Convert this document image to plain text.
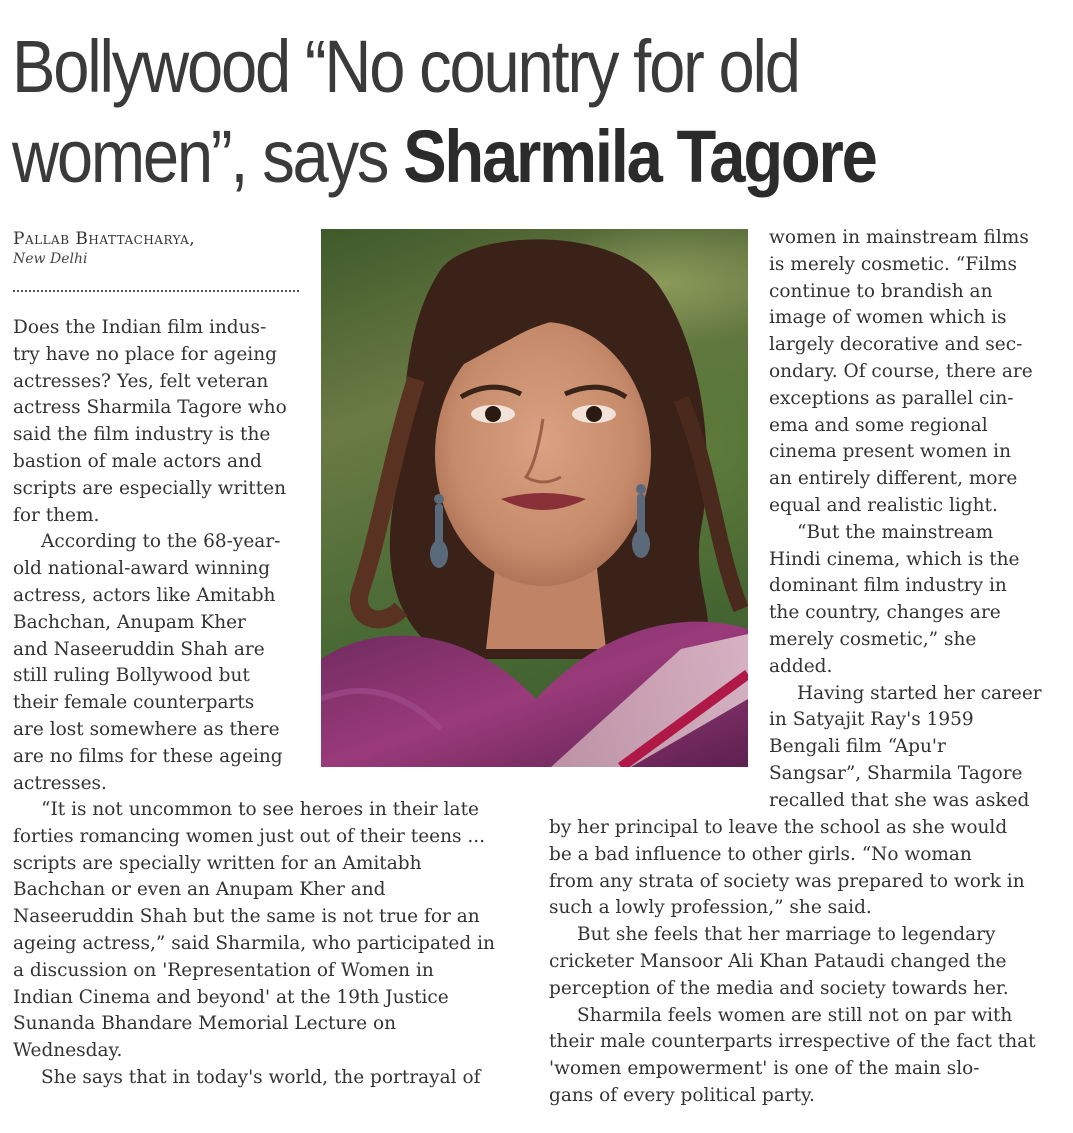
Bollywood “No country for old women”, says Sharmila Tagore
Pallab Bhattacharya,
New Delhi

Does the Indian film indus-

try have no place for ageing

actresses? Yes, felt veteran

actress Sharmila Tagore who

said the film industry is the

bastion of male actors and

scripts are especially written

for them.

According to the 68-year-

old national-award winning

actress, actors like Amitabh

Bachchan, Anupam Kher

and Naseeruddin Shah are

still ruling Bollywood but

their female counterparts

are lost somewhere as there

are no films for these ageing

actresses.

“It is not uncommon to see heroes in their late

forties romancing women just out of their teens ...

scripts are specially written for an Amitabh

Bachchan or even an Anupam Kher and

Naseeruddin Shah but the same is not true for an

ageing actress,” said Sharmila, who participated in

a discussion on 'Representation of Women in

Indian Cinema and beyond' at the 19th Justice

Sunanda Bhandare Memorial Lecture on

Wednesday.

She says that in today's world, the portrayal of

women in mainstream films

is merely cosmetic. “Films

continue to brandish an

image of women which is

largely decorative and sec-

ondary. Of course, there are

exceptions as parallel cin-

ema and some regional

cinema present women in

an entirely different, more

equal and realistic light.

“But the mainstream

Hindi cinema, which is the

dominant film industry in

the country, changes are

merely cosmetic,” she

added.

Having started her career

in Satyajit Ray's 1959

Bengali film “Apu'r

Sangsar”, Sharmila Tagore

recalled that she was asked

by her principal to leave the school as she would

be a bad influence to other girls. “No woman

from any strata of society was prepared to work in

such a lowly profession,” she said.

But she feels that her marriage to legendary

cricketer Mansoor Ali Khan Pataudi changed the

perception of the media and society towards her.

Sharmila feels women are still not on par with

their male counterparts irrespective of the fact that

'women empowerment' is one of the main slo-

gans of every political party.
